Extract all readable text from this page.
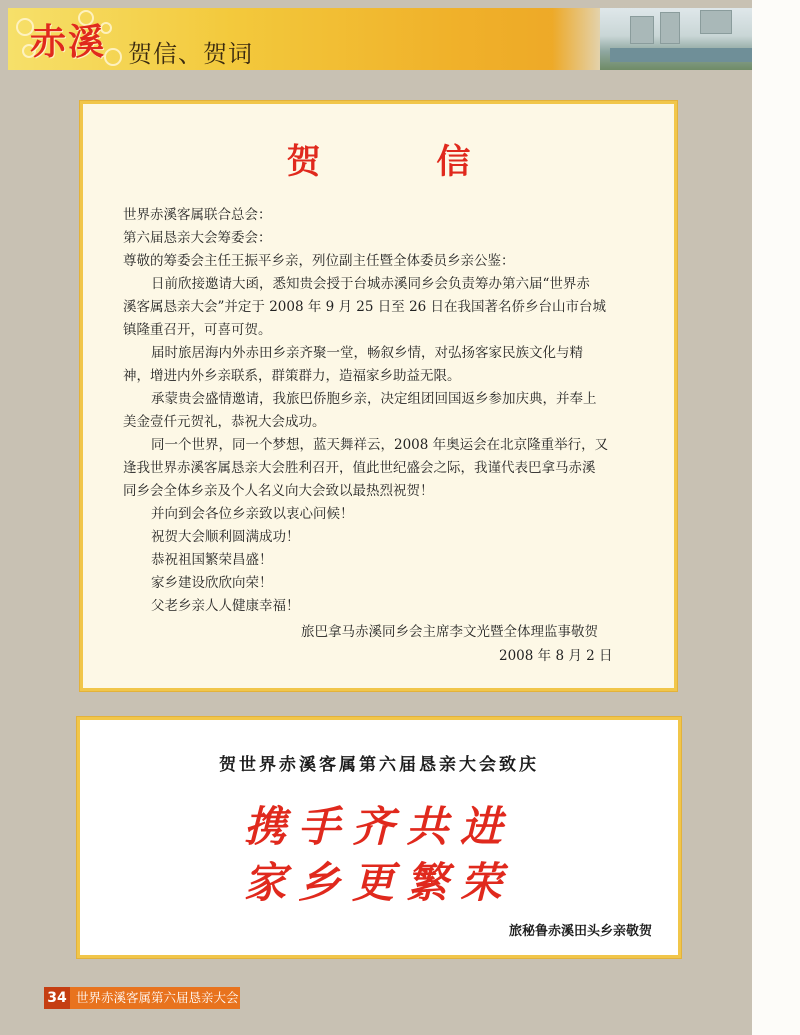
赤溪 贺信、贺词
贺 信
世界赤溪客属联合总会：
第六届恳亲大会筹委会：
尊敬的筹委会主任王振平乡亲，列位副主任暨全体委员乡亲公鉴：
日前欣接邀请大函，悉知贵会授于台城赤溪同乡会负责筹办第六届“世界赤
溪客属恳亲大会”并定于 2008 年 9 月 25 日至 26 日在我国著名侨乡台山市台城
镇隆重召开，可喜可贺。
届时旅居海内外赤田乡亲齐聚一堂，畅叙乡情，对弘扬客家民族文化与精
神，增进内外乡亲联系，群策群力，造福家乡助益无限。
承蒙贵会盛情邀请，我旅巴侨胞乡亲，决定组团回国返乡参加庆典，并奉上
美金壹仟元贺礼，恭祝大会成功。
同一个世界，同一个梦想，蓝天舞祥云，2008 年奥运会在北京隆重举行，又
逢我世界赤溪客属恳亲大会胜利召开，值此世纪盛会之际，我谨代表巴拿马赤溪
同乡会全体乡亲及个人名义向大会致以最热烈祝贺！
并向到会各位乡亲致以衷心问候！
祝贺大会顺利圆满成功！
恭祝祖国繁荣昌盛！
家乡建设欣欣向荣！
父老乡亲人人健康幸福！
旅巴拿马赤溪同乡会主席李文光暨全体理监事敬贺
2008 年 8 月 2 日
贺世界赤溪客属第六届恳亲大会致庆
携手齐共进
家乡更繁荣
旅秘鲁赤溪田头乡亲敬贺
34 世界赤溪客属第六届恳亲大会
